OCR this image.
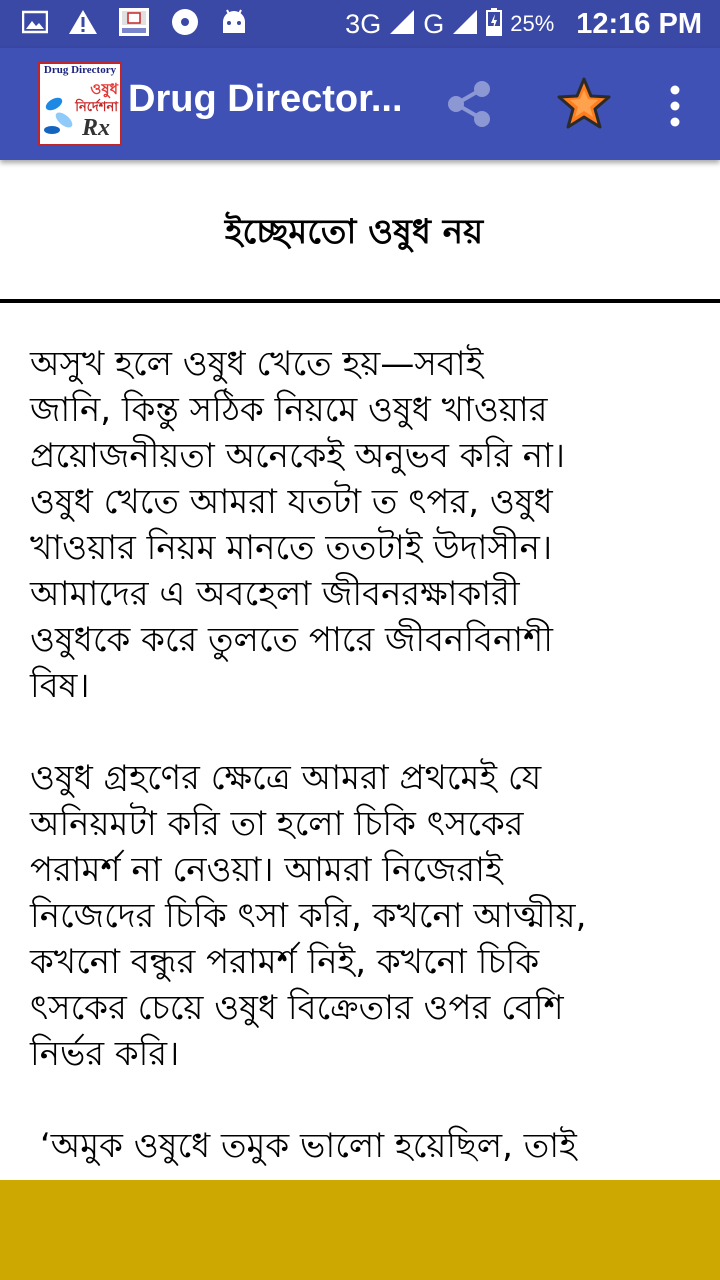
3G G	25% 12:16 PM
Drug Directory
ওষুধ
নির্দেশনা
Rx
Drug Director...
ইচ্ছেমতো ওষুধ নয়

অসুখ হলে ওষুধ খেতে হয়—সবাই
জানি, কিন্তু সঠিক নিয়মে ওষুধ খাওয়ার
প্রয়োজনীয়তা অনেকেই অনুভব করি না।
ওষুধ খেতে আমরা যতটা ত ৎপর, ওষুধ
খাওয়ার নিয়ম মানতে ততটাই উদাসীন।
আমাদের এ অবহেলা জীবনরক্ষাকারী
ওষুধকে করে তুলতে পারে জীবনবিনাশী
বিষ।

ওষুধ গ্রহণের ক্ষেত্রে আমরা প্রথমেই যে
অনিয়মটা করি তা হলো চিকি ৎসকের
পরামর্শ না নেওয়া। আমরা নিজেরাই
নিজেদের চিকি ৎসা করি, কখনো আত্মীয়,
কখনো বন্ধুর পরামর্শ নিই, কখনো চিকি
ৎসকের চেয়ে ওষুধ বিক্রেতার ওপর বেশি
নির্ভর করি।

‘অমুক ওষুধে তমুক ভালো হয়েছিল, তাই
